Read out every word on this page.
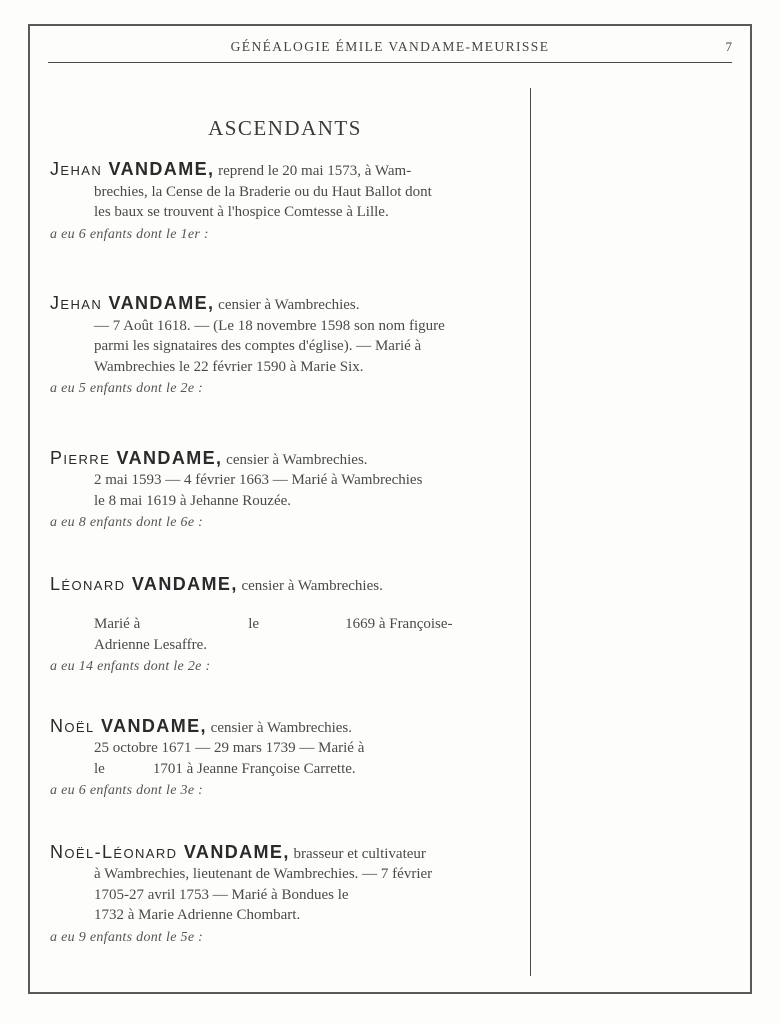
GÉNÉALOGIE ÉMILE VANDAME-MEURISSE	7
ASCENDANTS

Jehan VANDAME, reprend le 20 mai 1573, à Wam-

brechies, la Cense de la Braderie ou du Haut Ballot dont
les baux se trouvent à l'hospice Comtesse à Lille.

a eu 6 enfants dont le 1er :

Jehan VANDAME, censier à Wambrechies.

— 7 Août 1618. — (Le 18 novembre 1598 son nom figure
parmi les signataires des comptes d'église). — Marié à
Wambrechies le 22 février 1590 à Marie Six.

a eu 5 enfants dont le 2e :

Pierre VANDAME, censier à Wambrechies.

2 mai 1593 — 4 février 1663 — Marié à Wambrechies
le 8 mai 1619 à Jehanne Rouzée.

a eu 8 enfants dont le 6e :

Léonard VANDAME, censier à Wambrechies.

Marié à	le	1669 à Françoise-
Adrienne Lesaffre.

a eu 14 enfants dont le 2e :

Noël VANDAME, censier à Wambrechies.

25 octobre 1671 — 29 mars 1739 — Marié à
le	1701 à Jeanne Françoise Carrette.

a eu 6 enfants dont le 3e :

Noël-Léonard VANDAME, brasseur et cultivateur

à Wambrechies, lieutenant de Wambrechies. — 7 février
1705-27 avril 1753 — Marié à Bondues le
1732 à Marie Adrienne Chombart.

a eu 9 enfants dont le 5e :
